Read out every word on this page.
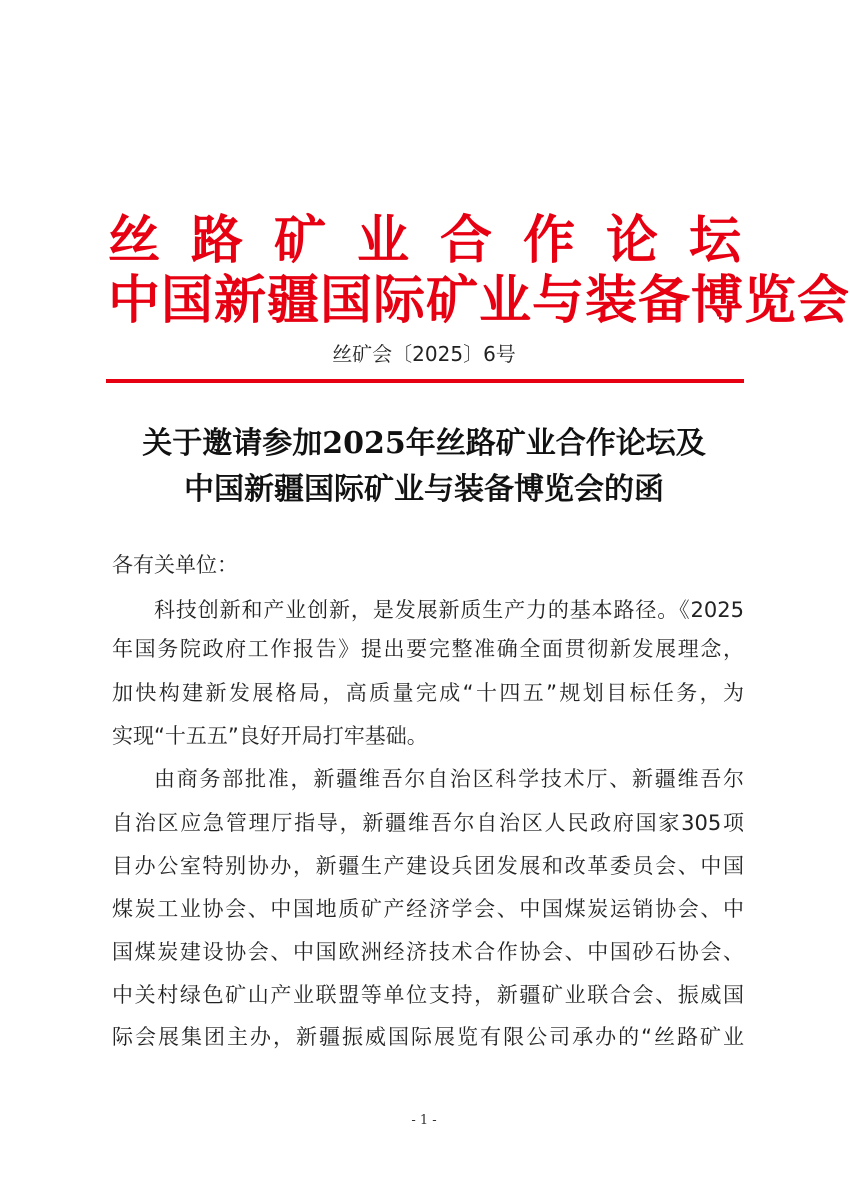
丝路矿业合作论坛
中国新疆国际矿业与装备博览会
丝矿会〔2025〕6号
关于邀请参加2025年丝路矿业合作论坛及
中国新疆国际矿业与装备博览会的函
各有关单位：
科技创新和产业创新，是发展新质生产力的基本路径。《2025
年国务院政府工作报告》提出要完整准确全面贯彻新发展理念，
加快构建新发展格局，高质量完成“十四五”规划目标任务，为
实现“十五五”良好开局打牢基础。
由商务部批准，新疆维吾尔自治区科学技术厅、新疆维吾尔
自治区应急管理厅指导，新疆维吾尔自治区人民政府国家305项
目办公室特别协办，新疆生产建设兵团发展和改革委员会、中国
煤炭工业协会、中国地质矿产经济学会、中国煤炭运销协会、中
国煤炭建设协会、中国欧洲经济技术合作协会、中国砂石协会、
中关村绿色矿山产业联盟等单位支持，新疆矿业联合会、振威国
际会展集团主办，新疆振威国际展览有限公司承办的“丝路矿业
- 1 -
